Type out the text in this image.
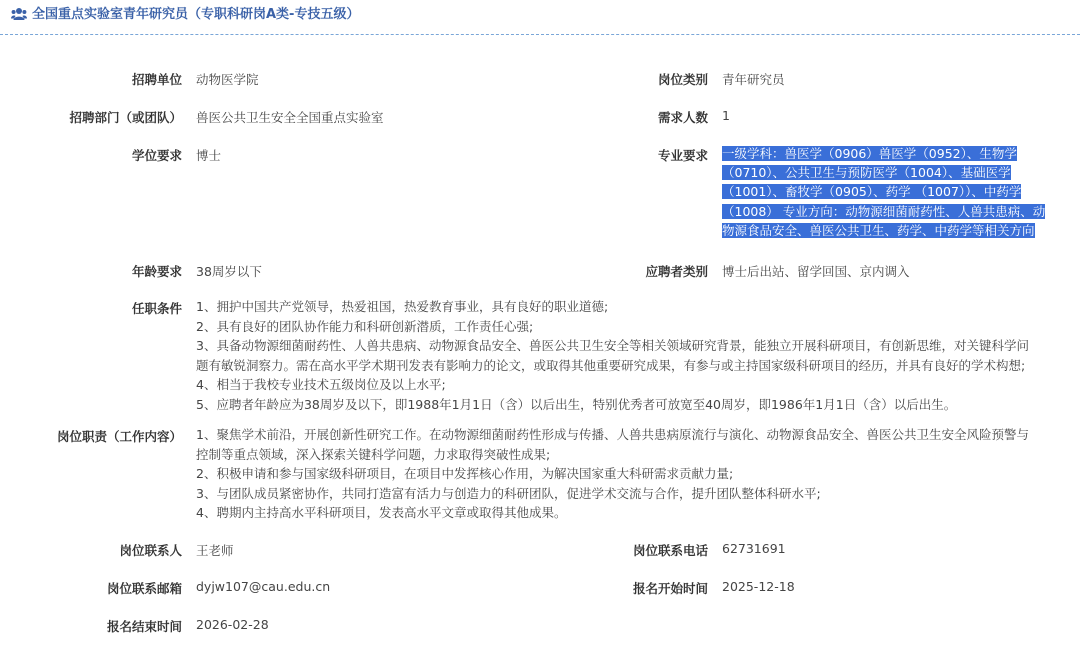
全国重点实验室青年研究员（专职科研岗A类-专技五级）
招聘单位 动物医学院	岗位类别 青年研究员
招聘部门（或团队） 兽医公共卫生安全全国重点实验室	需求人数 1
学位要求 博士	专业要求 一级学科：兽医学（0906）兽医学（0952）、生物学
（0710）、公共卫生与预防医学（1004）、基础医学
（1001）、畜牧学（0905）、药学 （1007））、中药学
（1008） 专业方向：动物源细菌耐药性、人兽共患病、动
物源食品安全、兽医公共卫生、药学、中药学等相关方向
年龄要求 38周岁以下	应聘者类别 博士后出站、留学回国、京内调入
任职条件 1、拥护中国共产党领导，热爱祖国，热爱教育事业，具有良好的职业道德;
2、具有良好的团队协作能力和科研创新潜质，工作责任心强;
3、具备动物源细菌耐药性、人兽共患病、动物源食品安全、兽医公共卫生安全等相关领域研究背景，能独立开展科研项目，有创新思维，对关键科学问
题有敏锐洞察力。需在高水平学术期刊发表有影响力的论文，或取得其他重要研究成果，有参与或主持国家级科研项目的经历，并具有良好的学术构想;
4、相当于我校专业技术五级岗位及以上水平;
5、应聘者年龄应为38周岁及以下，即1988年1月1日（含）以后出生，特别优秀者可放宽至40周岁，即1986年1月1日（含）以后出生。
岗位职责（工作内容） 1、聚焦学术前沿，开展创新性研究工作。在动物源细菌耐药性形成与传播、人兽共患病原流行与演化、动物源食品安全、兽医公共卫生安全风险预警与
控制等重点领域，深入探索关键科学问题，力求取得突破性成果;
2、积极申请和参与国家级科研项目，在项目中发挥核心作用，为解决国家重大科研需求贡献力量;
3、与团队成员紧密协作，共同打造富有活力与创造力的科研团队，促进学术交流与合作，提升团队整体科研水平;
4、聘期内主持高水平科研项目，发表高水平文章或取得其他成果。
岗位联系人 王老师	岗位联系电话 62731691
岗位联系邮箱 dyjw107@cau.edu.cn	报名开始时间 2025-12-18
报名结束时间 2026-02-28
